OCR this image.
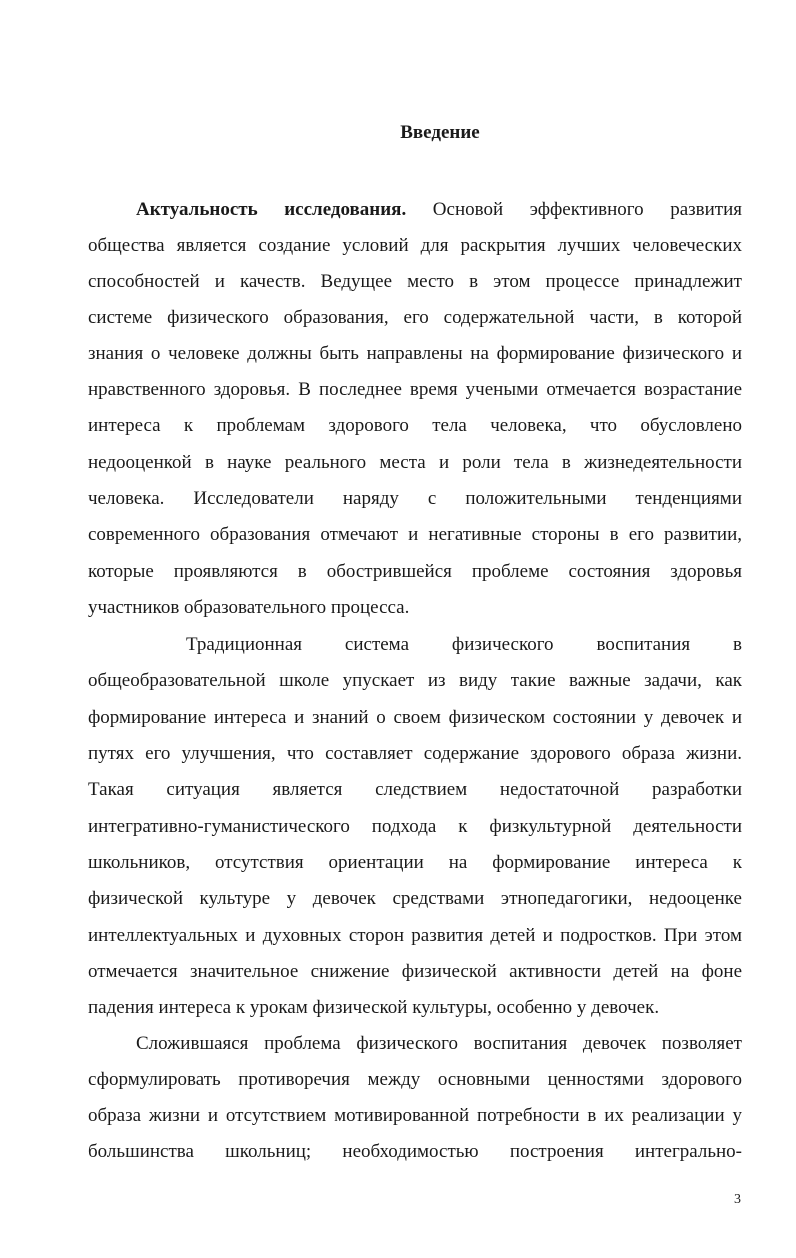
Введение
Актуальность исследования. Основой эффективного развития
общества является создание условий для раскрытия лучших человеческих
способностей и качеств. Ведущее место в этом процессе принадлежит
системе физического образования, его содержательной части, в которой
знания о человеке должны быть направлены на формирование физического и
нравственного здоровья. В последнее время учеными отмечается возрастание
интереса к проблемам здорового тела человека, что обусловлено
недооценкой в науке реального места и роли тела в жизнедеятельности
человека. Исследователи наряду с положительными тенденциями
современного образования отмечают и негативные стороны в его развитии,
которые проявляются в обострившейся проблеме состояния здоровья
участников образовательного процесса.
Традиционная система физического воспитания в
общеобразовательной школе упускает из виду такие важные задачи, как
формирование интереса и знаний о своем физическом состоянии у девочек и
путях его улучшения, что составляет содержание здорового образа жизни.
Такая ситуация является следствием недостаточной разработки
интегративно-гуманистического подхода к физкультурной деятельности
школьников, отсутствия ориентации на формирование интереса к
физической культуре у девочек средствами этнопедагогики, недооценке
интеллектуальных и духовных сторон развития детей и подростков. При этом
отмечается значительное снижение физической активности детей на фоне
падения интереса к урокам физической культуры, особенно у девочек.
Сложившаяся проблема физического воспитания девочек позволяет
сформулировать противоречия между основными ценностями здорового
образа жизни и отсутствием мотивированной потребности в их реализации у
большинства школьниц; необходимостью построения интегрально-
3
